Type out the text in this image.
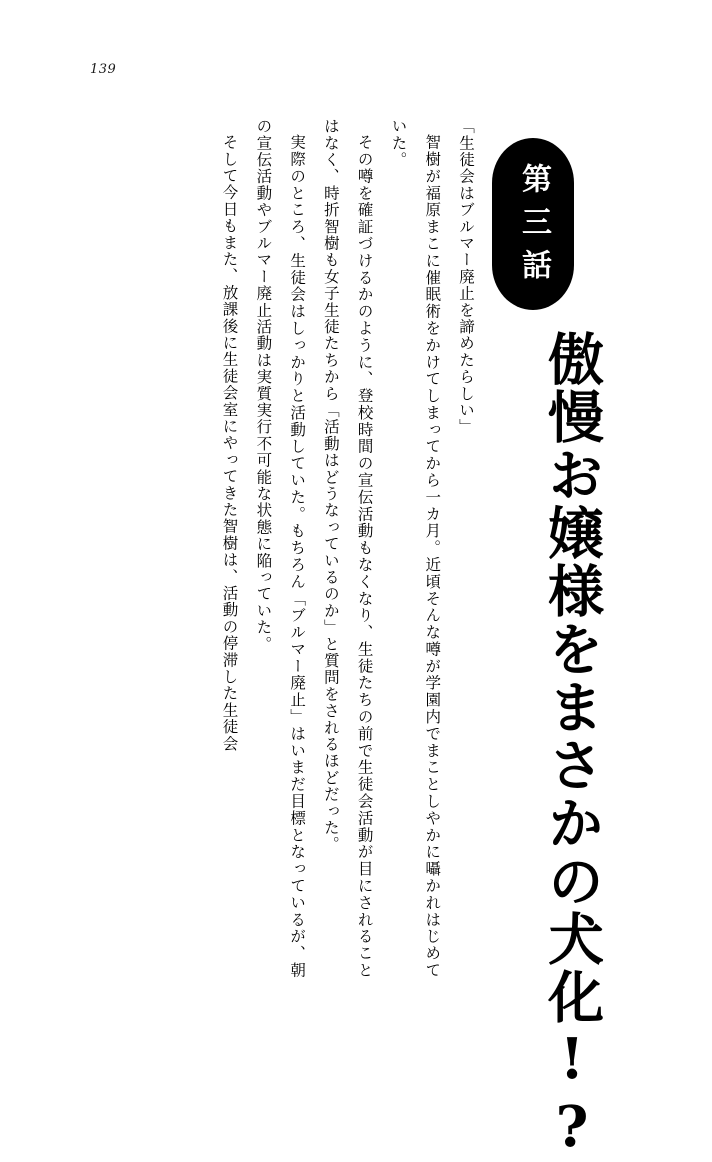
139
第三話
傲慢お嬢様をまさかの犬化!?

「生徒会はブルマー廃止を諦めたらしい」

智樹が福原まこに催眠術をかけてしまってから一カ月。近頃そんな噂が学園内でまことしやかに囁かれはじめていた。

その噂を確証づけるかのように、登校時間の宣伝活動もなくなり、生徒たちの前で生徒会活動が目にされることはなく、時折智樹も女子生徒たちから「活動はどうなっているのか」と質問をされるほどだった。

実際のところ、生徒会はしっかりと活動していた。もちろん「ブルマー廃止」はいまだ目標となっているが、朝の宣伝活動やブルマー廃止活動は実質実行不可能な状態に陥っていた。

そして今日もまた、放課後に生徒会室にやってきた智樹は、活動の停滞した生徒会
